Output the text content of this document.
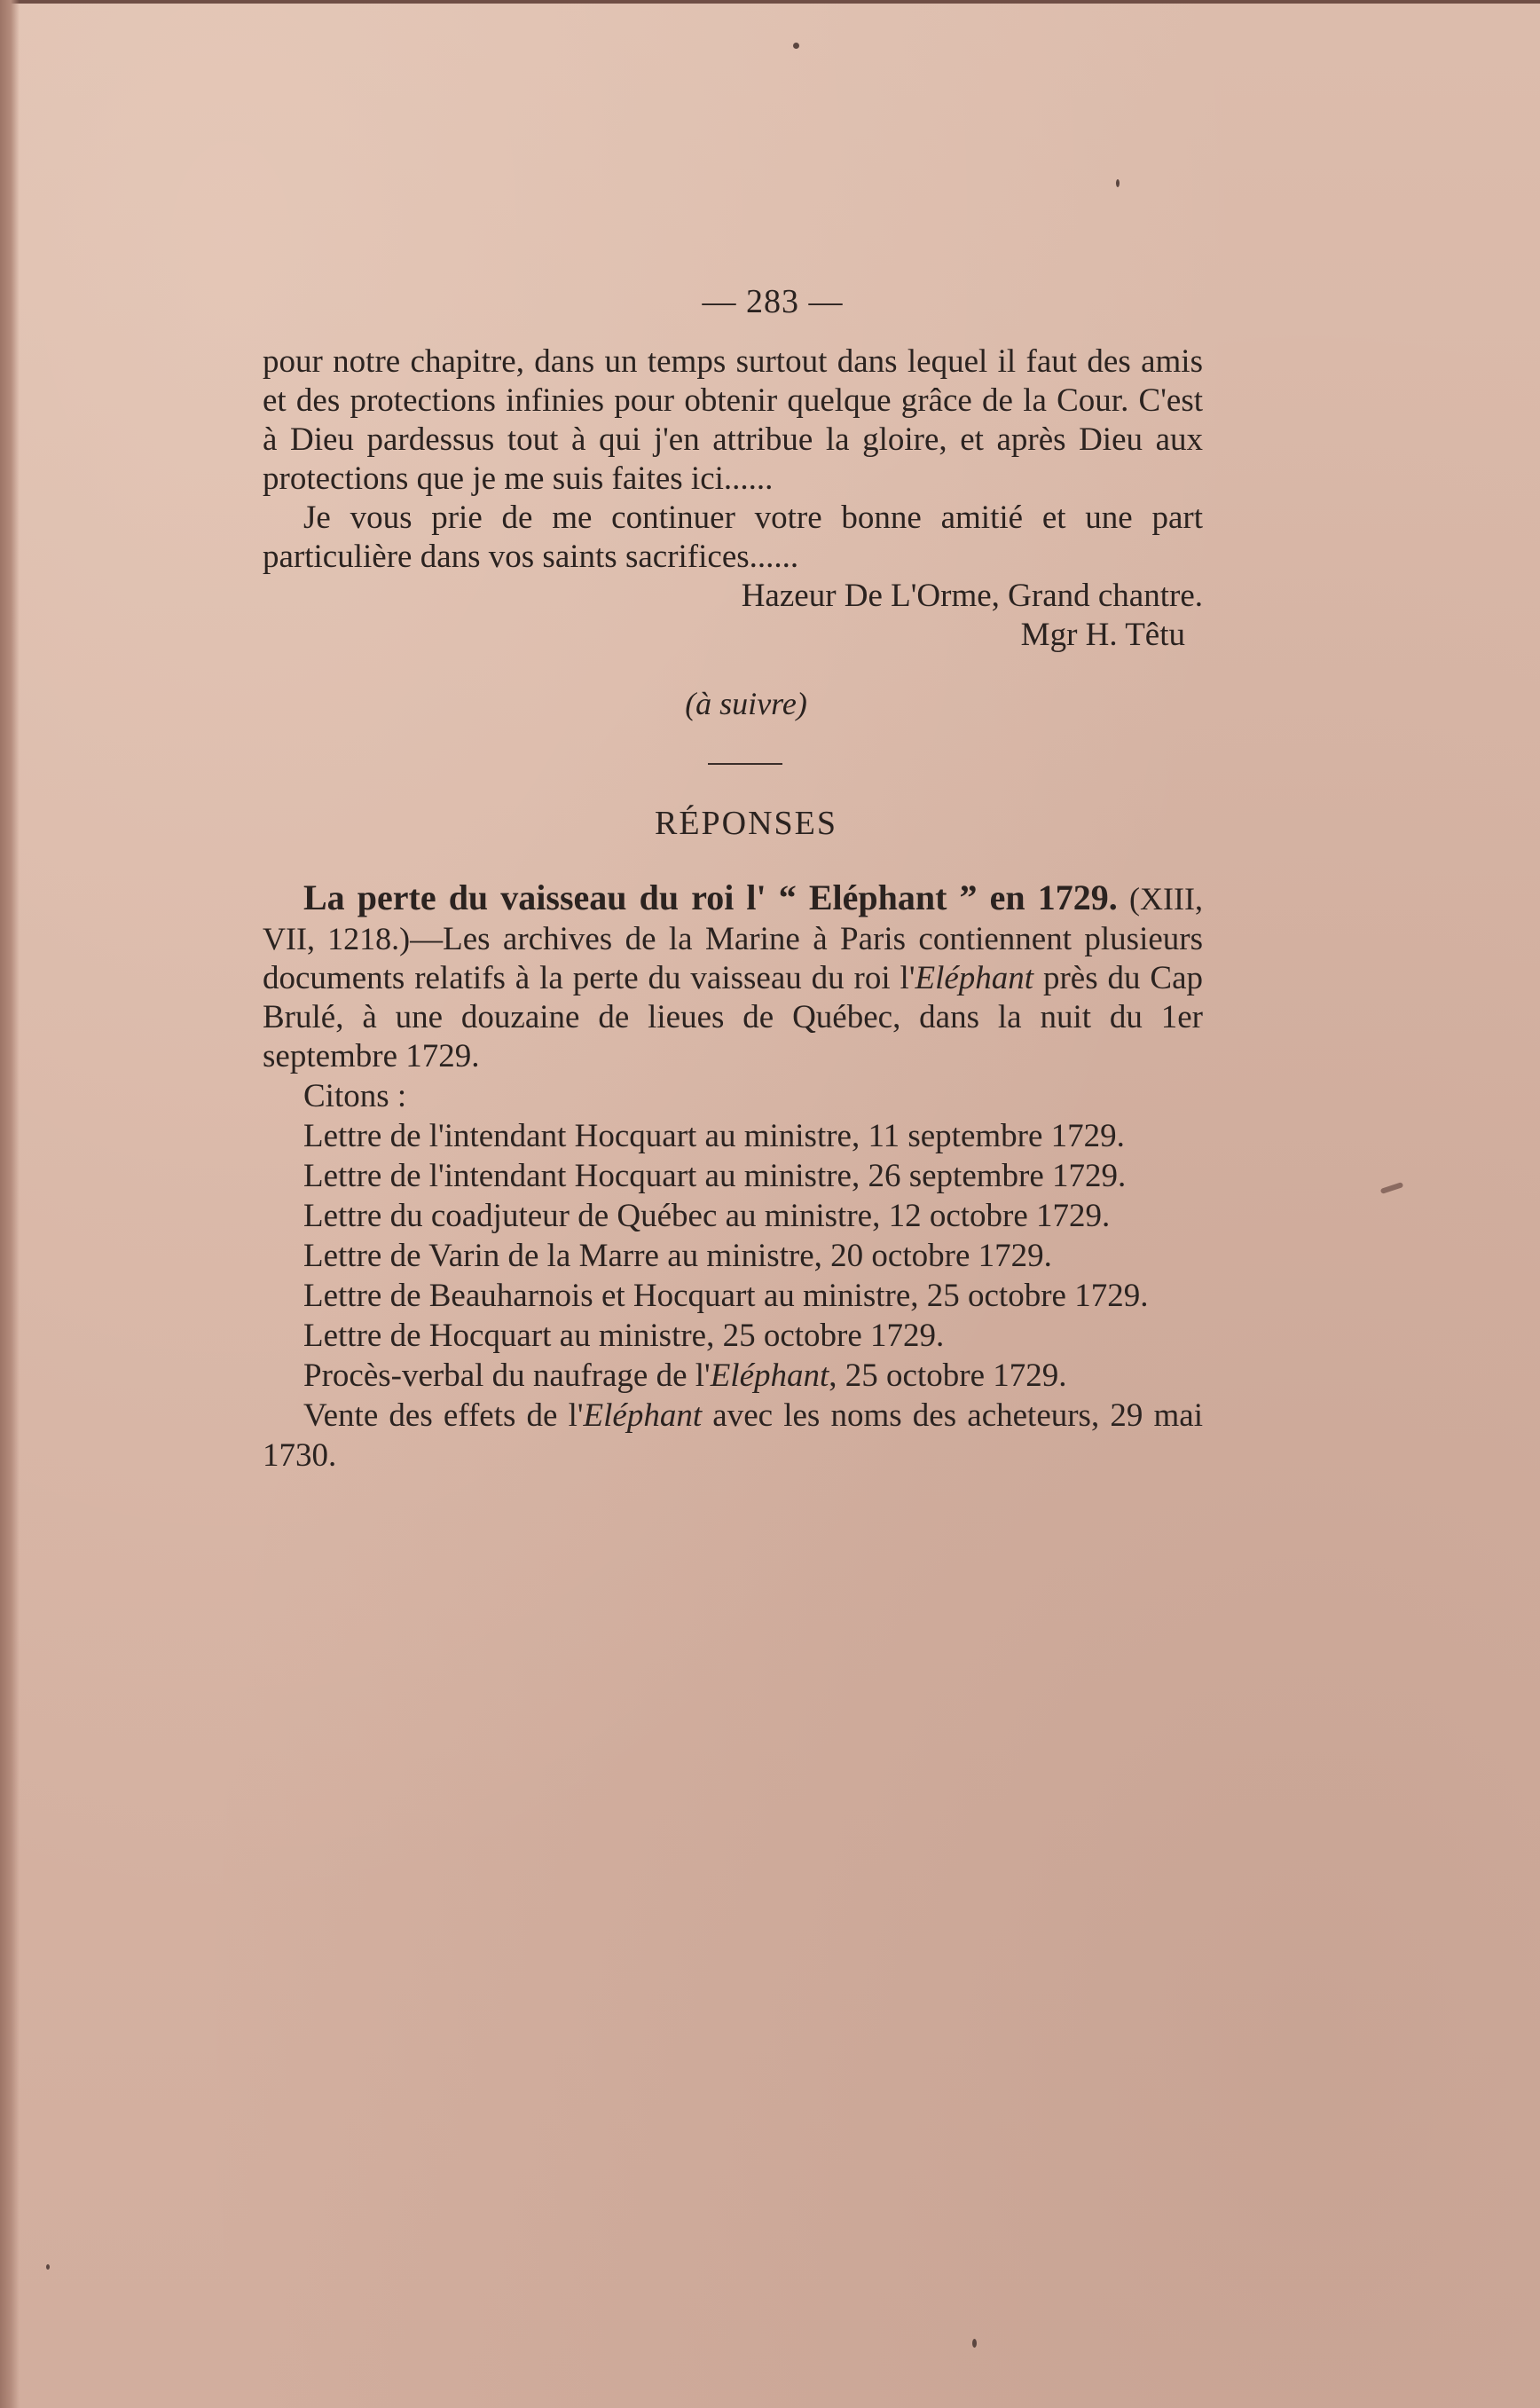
— 283 —

pour notre chapitre, dans un temps surtout dans lequel il faut des amis et des protections infinies pour obtenir quelque grâce de la Cour. C'est à Dieu pardessus tout à qui j'en attribue la gloire, et après Dieu aux protections que je me suis faites ici......

Je vous prie de me continuer votre bonne amitié et une part particulière dans vos saints sacrifices......

Hazeur De L'Orme, Grand chantre.
Mgr H. Têtu
(à suivre)
RÉPONSES

La perte du vaisseau du roi l' “ Eléphant ” en 1729. (XIII, VII, 1218.)—Les archives de la Marine à Paris contiennent plusieurs documents relatifs à la perte du vaisseau du roi l'Eléphant près du Cap Brulé, à une douzaine de lieues de Québec, dans la nuit du 1er septembre 1729.

Citons :

Lettre de l'intendant Hocquart au ministre, 11 septembre 1729.

Lettre de l'intendant Hocquart au ministre, 26 septembre 1729.

Lettre du coadjuteur de Québec au ministre, 12 octobre 1729.

Lettre de Varin de la Marre au ministre, 20 octobre 1729.

Lettre de Beauharnois et Hocquart au ministre, 25 octobre 1729.

Lettre de Hocquart au ministre, 25 octobre 1729.

Procès-verbal du naufrage de l'Eléphant, 25 octobre 1729.

Vente des effets de l'Eléphant avec les noms des acheteurs, 29 mai 1730.
